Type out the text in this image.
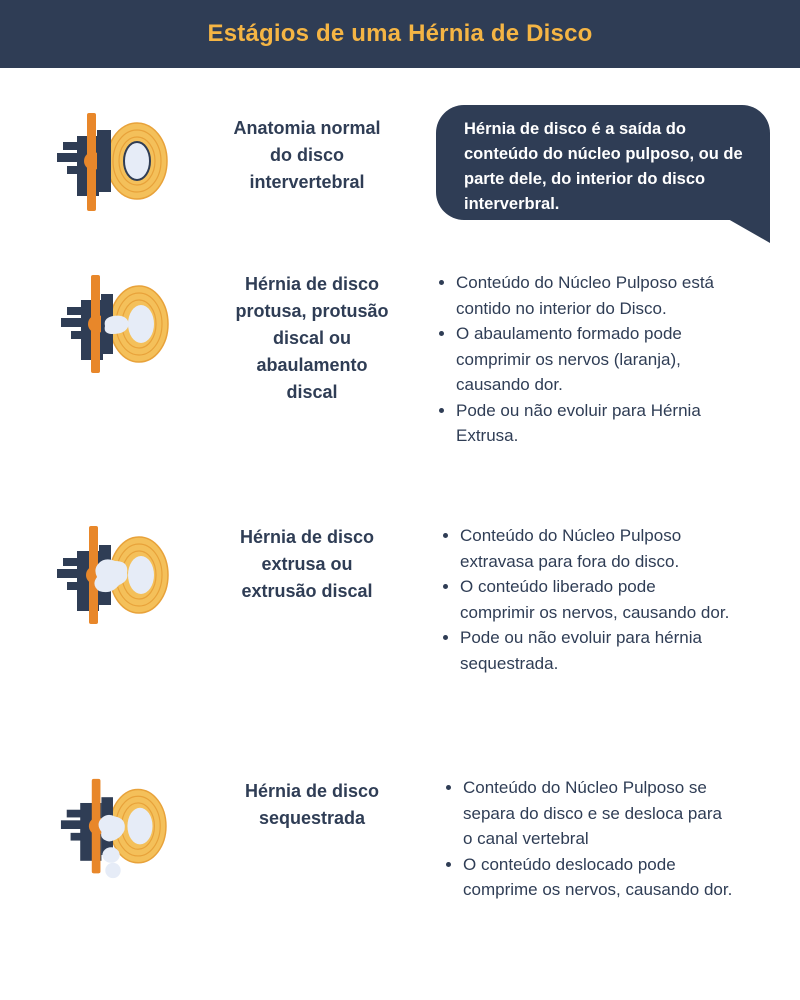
Estágios de uma Hérnia de Disco
Anatomia normal
do disco
intervertebral
Hérnia de disco é a saída do conteúdo do núcleo pulposo, ou de parte dele, do interior do disco interverbral.
Hérnia de disco
protusa, protusão
discal ou
abaulamento
discal
• Conteúdo do Núcleo Pulposo está contido no interior do Disco.
• O abaulamento formado pode comprimir os nervos (laranja), causando dor.
• Pode ou não evoluir para Hérnia Extrusa.
Hérnia de disco
extrusa ou
extrusão discal
• Conteúdo do Núcleo Pulposo extravasa para fora do disco.
• O conteúdo liberado pode comprimir os nervos, causando dor.
• Pode ou não evoluir para hérnia sequestrada.
Hérnia de disco
sequestrada
• Conteúdo do Núcleo Pulposo se separa do disco e se desloca para o canal vertebral
• O conteúdo deslocado pode comprime os nervos, causando dor.
